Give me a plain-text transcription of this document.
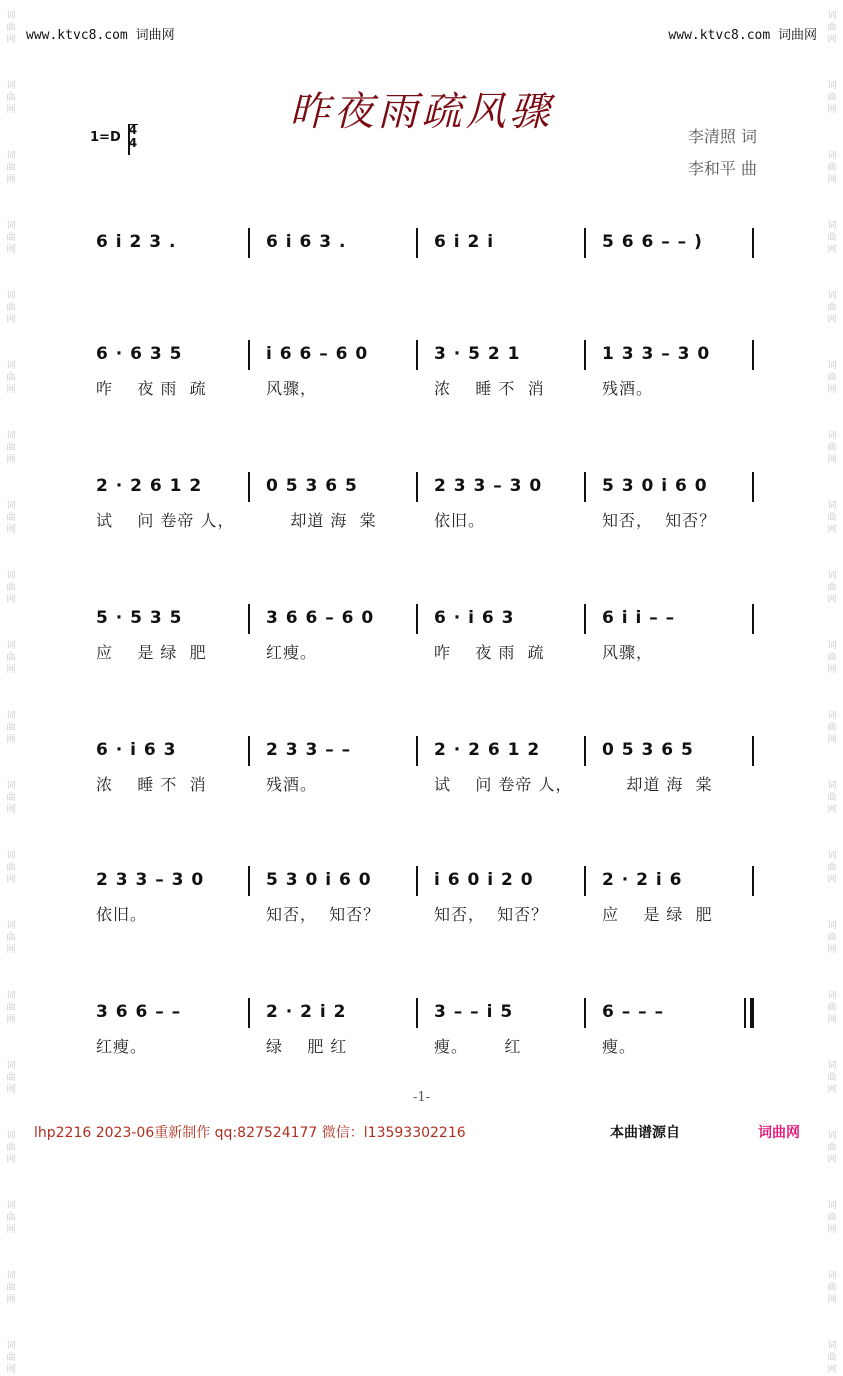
词
曲
网
词
曲
网
词
曲
网
词
曲
网
词
曲
网
词
曲
网
词
曲
网
词
曲
网
词
曲
网
词
曲
网
词
曲
网
词
曲
网
词
曲
网
词
曲
网
词
曲
网
词
曲
网
词
曲
网
词
曲
网
词
曲
网
词
曲
网
词
曲
网
词
曲
网
词
曲
网
词
曲
网
词
曲
网
词
曲
网
词
曲
网
词
曲
网
词
曲
网
词
曲
网
词
曲
网
词
曲
网
词
曲
网
词
曲
网
词
曲
网
词
曲
网
词
曲
网
词
曲
网
词
曲
网
词
曲
网
www.ktvc8.com 词曲网	www.ktvc8.com 词曲网
昨夜雨疏风骤
1=D 4
4	李清照 词
李和平 曲
6 i 2 3 .	6 i 6 3 .	6 i 2 i	5 6 6 – – )
6 · 6 3 5
咋    夜 雨  疏
i 6 6 – 6 0
风骤，
3 · 5 2 1
浓    睡 不  消
1 3 3 – 3 0
残酒。
2 · 2 6 1 2
试    问 卷帝 人，
0 5 3 6 5
却道 海  棠
2 3 3 – 3 0
依旧。
5 3 0 i 6 0
知否，  知否？
5 · 5 3 5
应    是 绿  肥
3 6 6 – 6 0
红瘦。
6 · i 6 3
咋    夜 雨  疏
6 i i – –
风骤，
6 · i 6 3
浓    睡 不  消
2 3 3 – –
残酒。
2 · 2 6 1 2
试    问 卷帝 人，
0 5 3 6 5
却道 海  棠
2 3 3 – 3 0
依旧。
5 3 0 i 6 0
知否，  知否？
i 6 0 i 2 0
知否，  知否？
2 · 2 i 6
应    是 绿  肥
3 6 6 – –
红瘦。
2 · 2 i 2
绿    肥 红
3 – – i 5
瘦。      红
6 – – –
瘦。
-1-
lhp2216 2023-06重新制作 qq:827524177 微信：l13593302216	本曲谱源自	词曲网
